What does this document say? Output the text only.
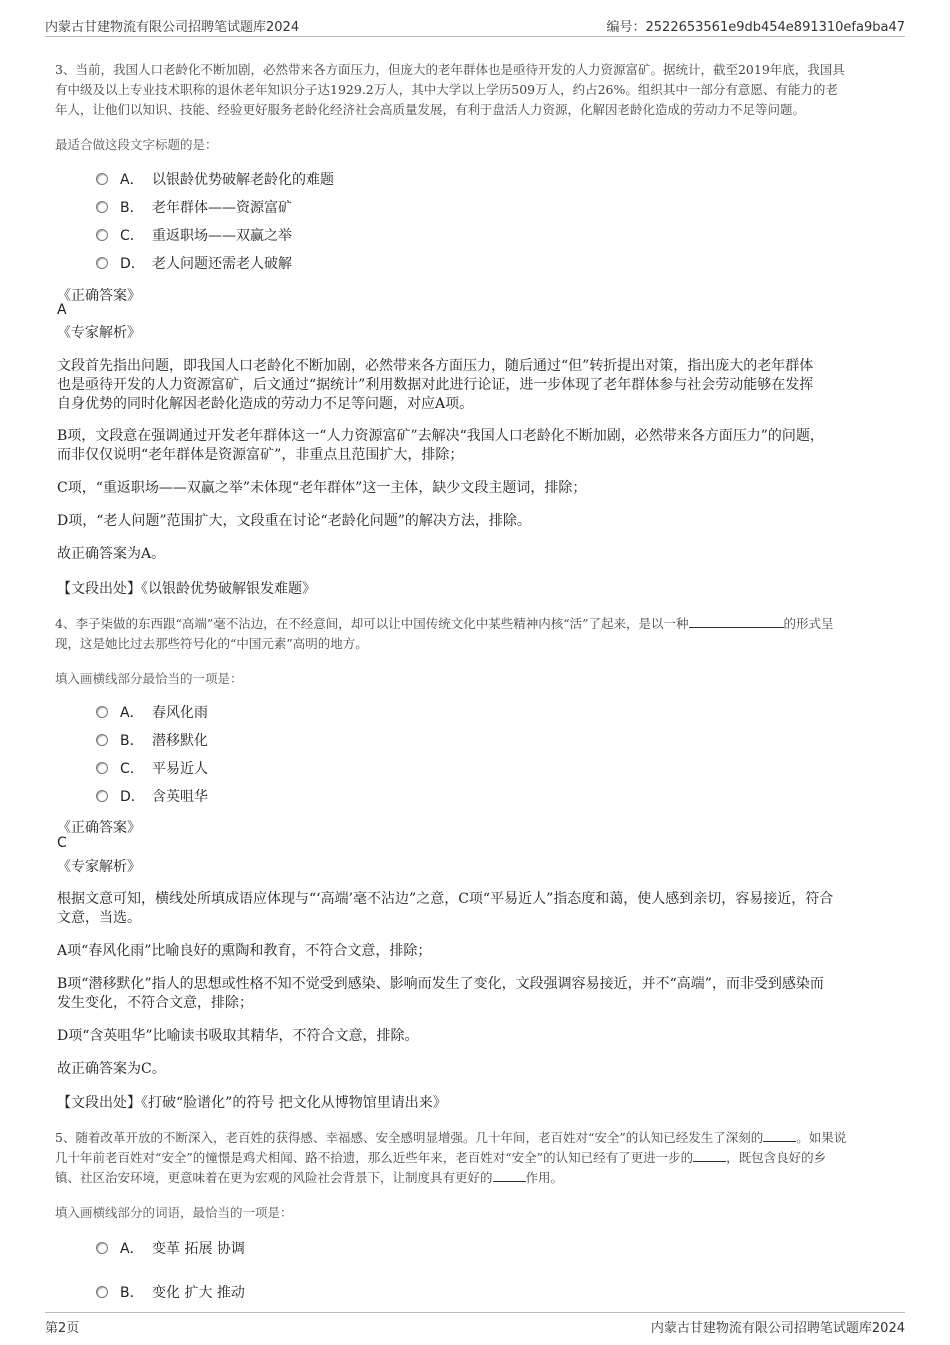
内蒙古甘建物流有限公司招聘笔试题库2024	编号：2522653561e9db454e891310efa9ba47
3、当前，我国人口老龄化不断加剧，必然带来各方面压力，但庞大的老年群体也是亟待开发的人力资源富矿。据统计，截至2019年底，我国具
有中级及以上专业技术职称的退休老年知识分子达1929.2万人，其中大学以上学历509万人，约占26%。组织其中一部分有意愿、有能力的老
年人，让他们以知识、技能、经验更好服务老龄化经济社会高质量发展，有利于盘活人力资源，化解因老龄化造成的劳动力不足等问题。
最适合做这段文字标题的是：
A． 以银龄优势破解老龄化的难题
B． 老年群体——资源富矿
C． 重返职场——双赢之举
D． 老人问题还需老人破解
《正确答案》
A
《专家解析》
文段首先指出问题，即我国人口老龄化不断加剧，必然带来各方面压力，随后通过“但”转折提出对策，指出庞大的老年群体
也是亟待开发的人力资源富矿，后文通过“据统计”利用数据对此进行论证，进一步体现了老年群体参与社会劳动能够在发挥
自身优势的同时化解因老龄化造成的劳动力不足等问题，对应A项。
B项，文段意在强调通过开发老年群体这一“人力资源富矿”去解决“我国人口老龄化不断加剧，必然带来各方面压力”的问题，
而非仅仅说明“老年群体是资源富矿”，非重点且范围扩大，排除；
C项，“重返职场——双赢之举”未体现“老年群体”这一主体，缺少文段主题词，排除；
D项，“老人问题”范围扩大，文段重在讨论“老龄化问题”的解决方法，排除。
故正确答案为A。
【文段出处】《以银龄优势破解银发难题》
4、李子柒做的东西跟“高端”毫不沾边，在不经意间，却可以让中国传统文化中某些精神内核“活”了起来，是以一种	的形式呈
现，这是她比过去那些符号化的“中国元素”高明的地方。
填入画横线部分最恰当的一项是：
A． 春风化雨
B． 潜移默化
C． 平易近人
D． 含英咀华
《正确答案》
C
《专家解析》
根据文意可知，横线处所填成语应体现与“‘高端’毫不沾边”之意，C项“平易近人”指态度和蔼，使人感到亲切，容易接近，符合
文意，当选。
A项“春风化雨”比喻良好的熏陶和教育，不符合文意，排除；
B项“潜移默化”指人的思想或性格不知不觉受到感染、影响而发生了变化，文段强调容易接近，并不“高端”，而非受到感染而
发生变化，不符合文意，排除；
D项“含英咀华”比喻读书吸取其精华，不符合文意，排除。
故正确答案为C。
【文段出处】《打破“脸谱化”的符号 把文化从博物馆里请出来》
5、随着改革开放的不断深入，老百姓的获得感、幸福感、安全感明显增强。几十年间，老百姓对“安全”的认知已经发生了深刻的	。如果说
几十年前老百姓对“安全”的憧憬是鸡犬相闻、路不拾遗，那么近些年来，老百姓对“安全”的认知已经有了更进一步的	，既包含良好的乡
镇、社区治安环境，更意味着在更为宏观的风险社会背景下，让制度具有更好的	作用。
填入画横线部分的词语，最恰当的一项是：
A． 变革 拓展 协调
B． 变化 扩大 推动
第2页	内蒙古甘建物流有限公司招聘笔试题库2024
